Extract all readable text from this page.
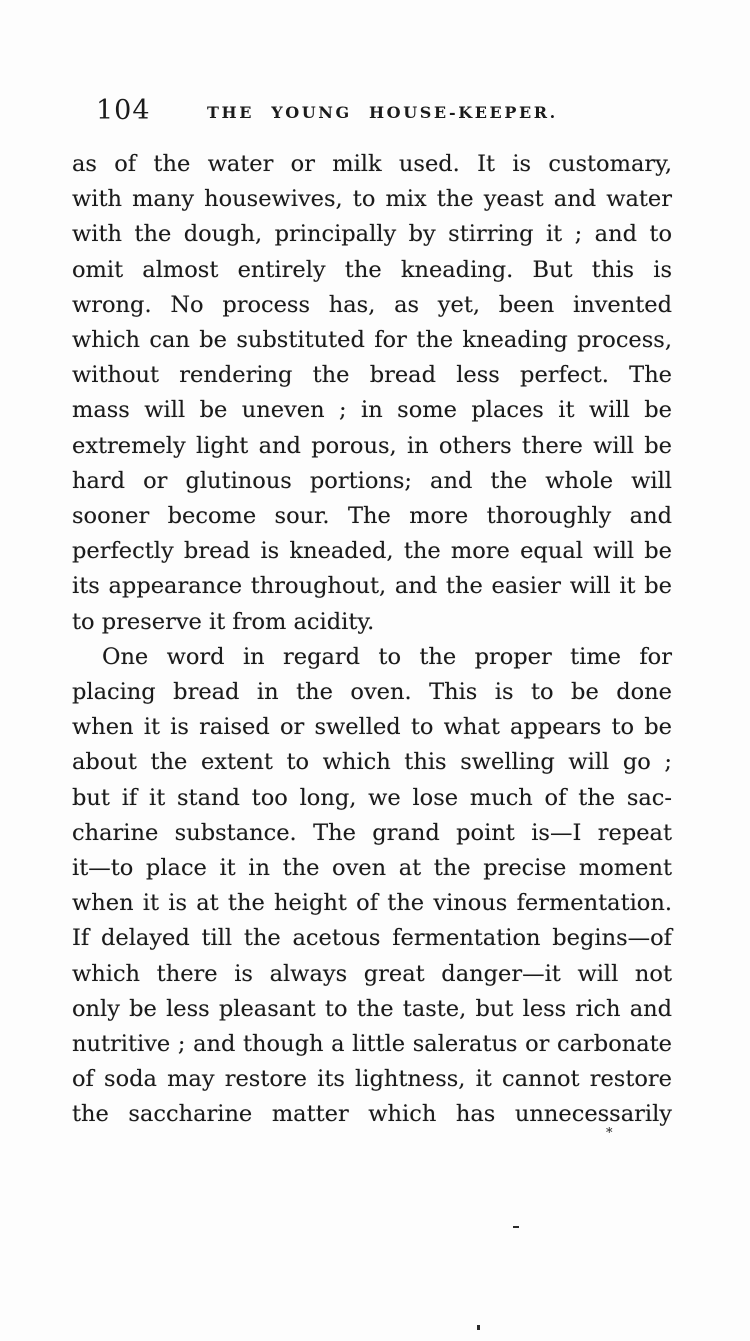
104	THE YOUNG HOUSE-KEEPER.
as of the water or milk used. It is customary,
with many housewives, to mix the yeast and water
with the dough, principally by stirring it ; and to
omit almost entirely the kneading. But this is
wrong. No process has, as yet, been invented
which can be substituted for the kneading process,
without rendering the bread less perfect. The
mass will be uneven ; in some places it will be
extremely light and porous, in others there will be
hard or glutinous portions; and the whole will
sooner become sour. The more thoroughly and
perfectly bread is kneaded, the more equal will be
its appearance throughout, and the easier will it be
to preserve it from acidity.
One word in regard to the proper time for
placing bread in the oven. This is to be done
when it is raised or swelled to what appears to be
about the extent to which this swelling will go ;
but if it stand too long, we lose much of the sac-
charine substance. The grand point is—I repeat
it—to place it in the oven at the precise moment
when it is at the height of the vinous fermentation.
If delayed till the acetous fermentation begins—of
which there is always great danger—it will not
only be less pleasant to the taste, but less rich and
nutritive ; and though a little saleratus or carbonate
of soda may restore its lightness, it cannot restore
the saccharine matter which has unnecessarily
*
